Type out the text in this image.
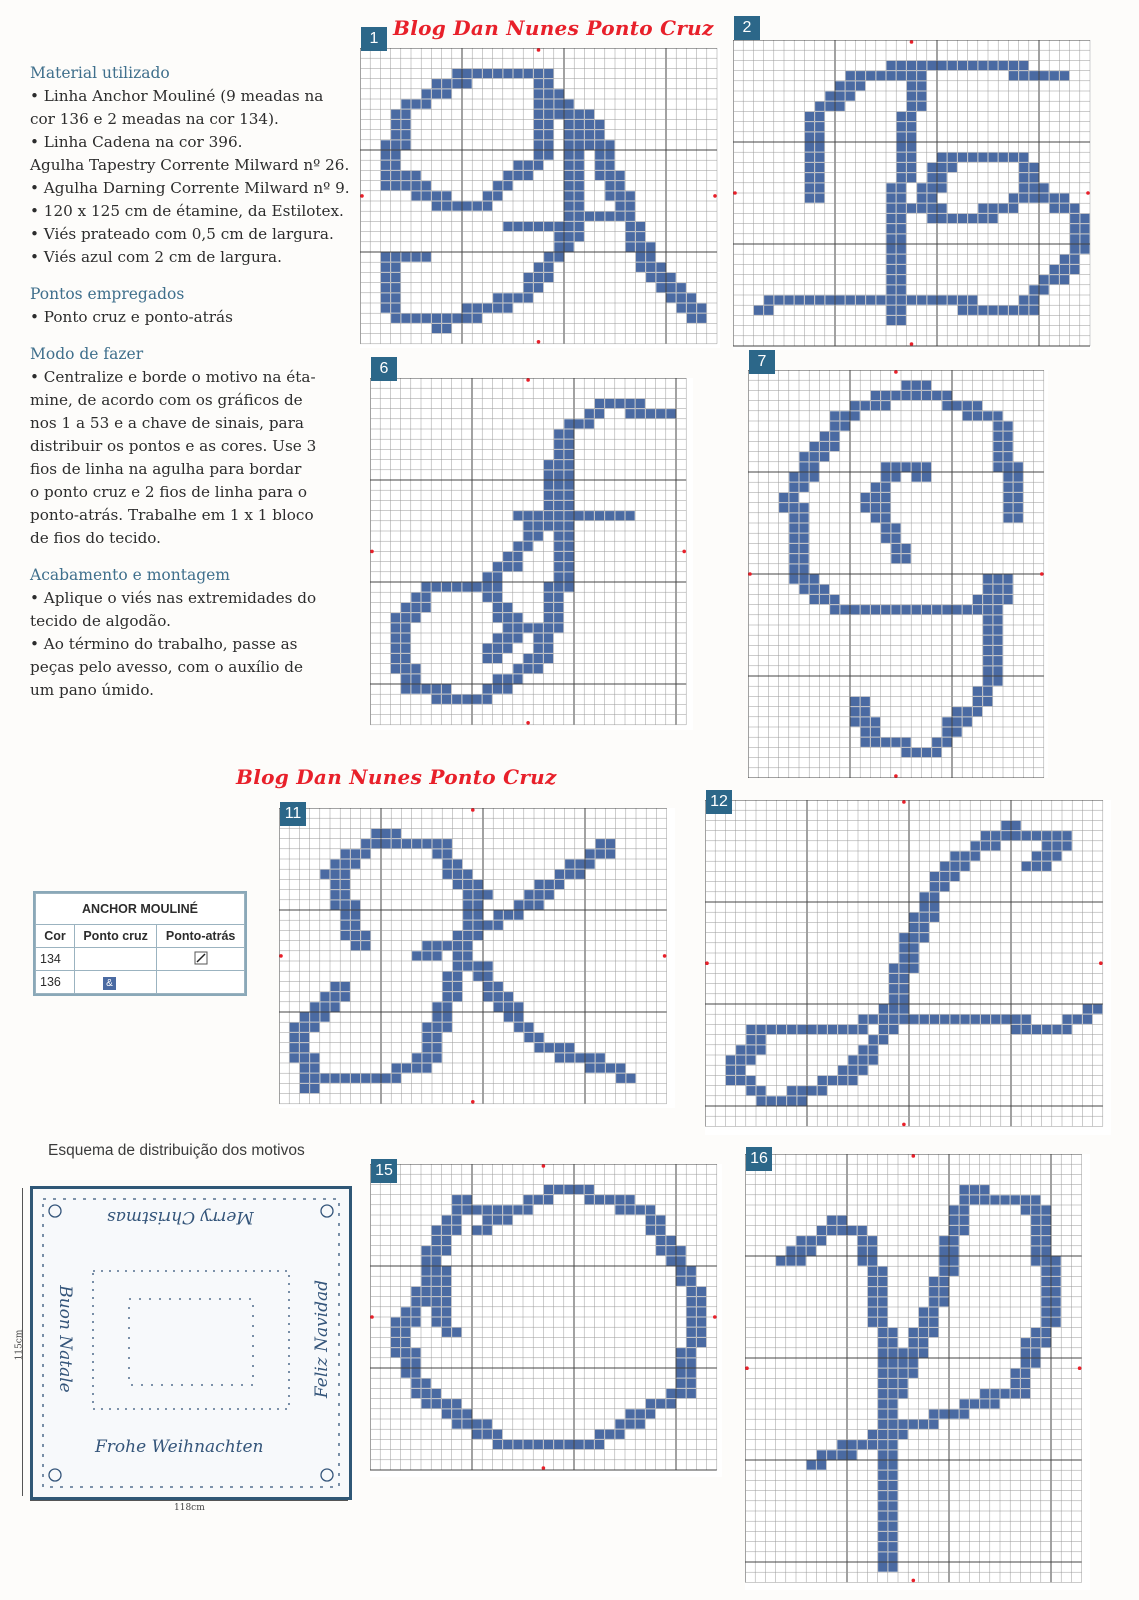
Material utilizado
• Linha Anchor Mouliné (9 meadas na
cor 136 e 2 meadas na cor 134).
• Linha Cadena na cor 396.
Agulha Tapestry Corrente Milward nº 26.
• Agulha Darning Corrente Milward nº 9.
• 120 x 125 cm de étamine, da Estilotex.
• Viés prateado com 0,5 cm de largura.
• Viés azul com 2 cm de largura.
Pontos empregados
• Ponto cruz e ponto-atrás
Modo de fazer
• Centralize e borde o motivo na éta-
mine, de acordo com os gráficos de
nos 1 a 53 e a chave de sinais, para
distribuir os pontos e as cores. Use 3
fios de linha na agulha para bordar
o ponto cruz e 2 fios de linha para o
ponto-atrás. Trabalhe em 1 x 1 bloco
de fios do tecido.
Acabamento e montagem
• Aplique o viés nas extremidades do
tecido de algodão.
• Ao término do trabalho, passe as
peças pelo avesso, com o auxílio de
um pano úmido.
Blog Dan Nunes Ponto Cruz
Blog Dan Nunes Ponto Cruz
1
2
6	7
11
12
15
16
ANCHOR MOULINÉ		
Cor	Ponto cruz	Ponto-atrás
134		
136	&	
Esquema de distribuição dos motivos
Merry Christmas
Buon Natale	Feliz Navidad
Frohe Weihnachten
115cm
118cm
